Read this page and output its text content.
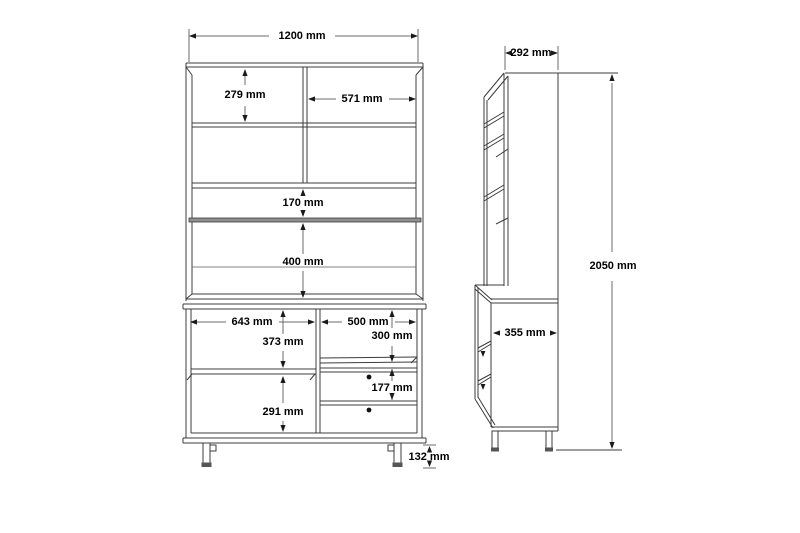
1200 mm
279 mm	571 mm
170 mm
400 mm
643 mm	500 mm
373 mm	300 mm
177 mm
291 mm
132 mm
292 mm
355 mm
2050 mm
